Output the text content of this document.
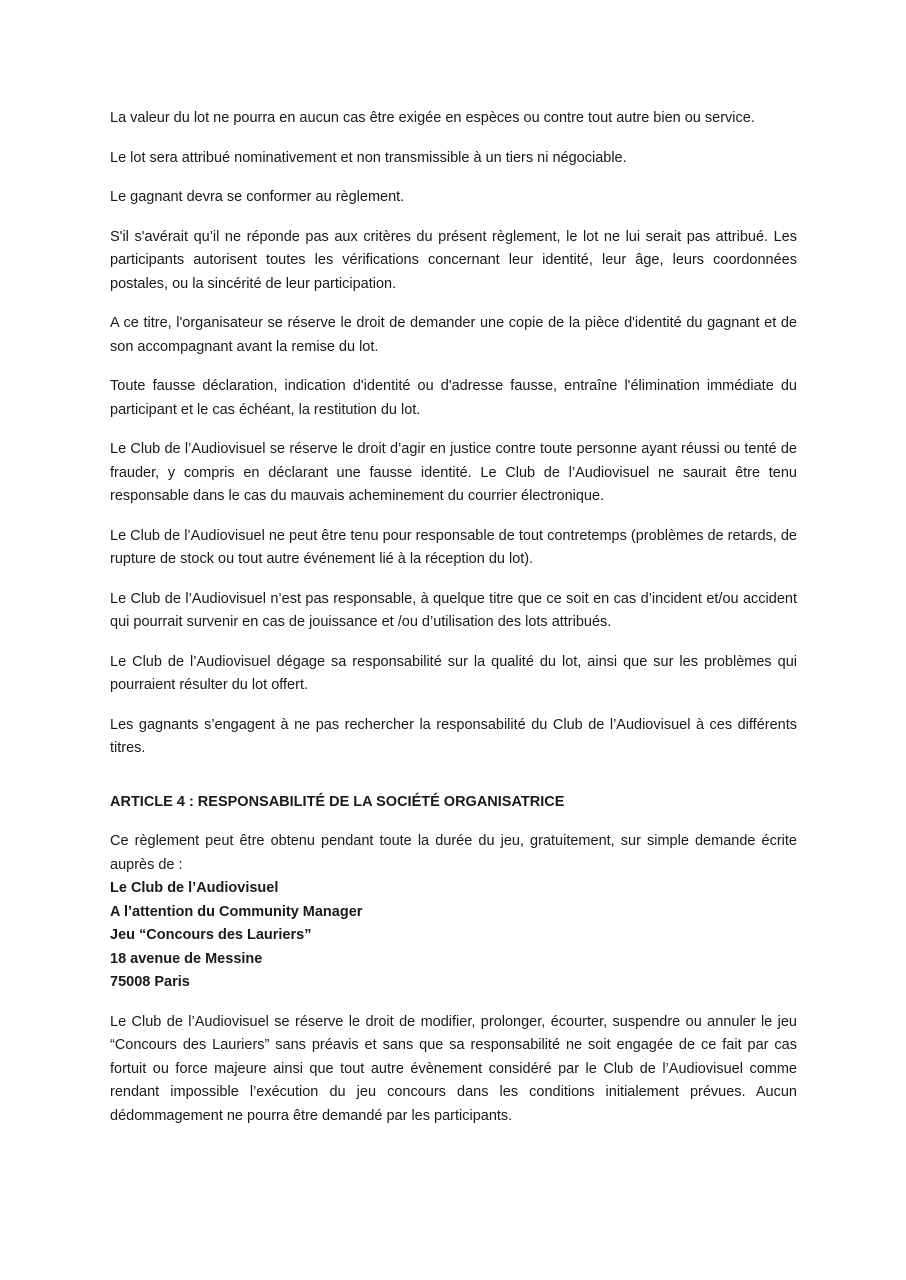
La valeur du lot ne pourra en aucun cas être exigée en espèces ou contre tout autre bien ou service.

Le lot sera attribué nominativement et non transmissible à un tiers ni négociable.

Le gagnant devra se conformer au règlement.

S'il s'avérait qu’il ne réponde pas aux critères du présent règlement, le lot ne lui serait pas attribué. Les participants autorisent toutes les vérifications concernant leur identité, leur âge, leurs coordonnées postales, ou la sincérité de leur participation.

A ce titre, l'organisateur se réserve le droit de demander une copie de la pièce d'identité du gagnant et de son accompagnant avant la remise du lot.

Toute fausse déclaration, indication d'identité ou d'adresse fausse, entraîne l'élimination immédiate du participant et le cas échéant, la restitution du lot.

Le Club de l’Audiovisuel se réserve le droit d’agir en justice contre toute personne ayant réussi ou tenté de frauder, y compris en déclarant une fausse identité. Le Club de l’Audiovisuel ne saurait être tenu responsable dans le cas du mauvais acheminement du courrier électronique.

Le Club de l’Audiovisuel ne peut être tenu pour responsable de tout contretemps (problèmes de retards, de rupture de stock ou tout autre événement lié à la réception du lot).

Le Club de l’Audiovisuel n’est pas responsable, à quelque titre que ce soit en cas d’incident et/ou accident qui pourrait survenir en cas de jouissance et /ou d’utilisation des lots attribués.

Le Club de l’Audiovisuel dégage sa responsabilité sur la qualité du lot, ainsi que sur les problèmes qui pourraient résulter du lot offert.

Les gagnants s’engagent à ne pas rechercher la responsabilité du Club de l’Audiovisuel à ces différents titres.

ARTICLE 4 : RESPONSABILITÉ DE LA SOCIÉTÉ ORGANISATRICE

Ce règlement peut être obtenu pendant toute la durée du jeu, gratuitement, sur simple demande écrite auprès de :

Le Club de l’Audiovisuel
A l’attention du Community Manager
Jeu “Concours des Lauriers”
18 avenue de Messine
75008 Paris

Le Club de l’Audiovisuel se réserve le droit de modifier, prolonger, écourter, suspendre ou annuler le jeu “Concours des Lauriers” sans préavis et sans que sa responsabilité ne soit engagée de ce fait par cas fortuit ou force majeure ainsi que tout autre évènement considéré par le Club de l’Audiovisuel comme rendant impossible l’exécution du jeu concours dans les conditions initialement prévues. Aucun dédommagement ne pourra être demandé par les participants.
